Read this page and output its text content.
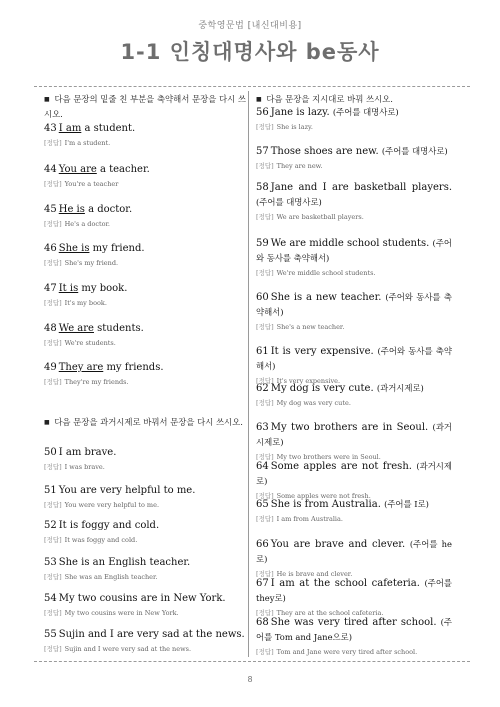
중학영문법 [내신대비용]
1-1 인칭대명사와 be동사
■ 다음 문장의 밑줄 친 부분을 축약해서 문장을 다시 쓰시오.
43 I am a student.
[정답] I'm a student.
44 You are a teacher.
[정답] You're a teacher
45 He is a doctor.
[정답] He's a doctor.
46 She is my friend.
[정답] She's my friend.
47 It is my book.
[정답] It's my book.
48 We are students.
[정답] We're students.
49 They are my friends.
[정답] They're my friends.
■ 다음 문장을 과거시제로 바꿔서 문장을 다시 쓰시오.
50 I am brave.
[정답] I was brave.
51 You are very helpful to me.
[정답] You were very helpful to me.
52 It is foggy and cold.
[정답] It was foggy and cold.
53 She is an English teacher.
[정답] She was an English teacher.
54 My two cousins are in New York.
[정답] My two cousins were in New York.
55 Sujin and I are very sad at the news.
[정답] Sujin and I were very sad at the news.
■ 다음 문장을 지시대로 바꿔 쓰시오.
56 Jane is lazy. (주어를 대명사로)
[정답] She is lazy.
57 Those shoes are new. (주어를 대명사로)
[정답] They are new.
58 Jane and I are basketball players. (주어를 대명사로)
[정답] We are basketball players.
59 We are middle school students. (주어와 동사를 축약해서)
[정답] We're middle school students.
60 She is a new teacher. (주어와 동사를 축약해서)
[정답] She's a new teacher.
61 It is very expensive. (주어와 동사를 축약해서)
[정답] It's very expensive.
62 My dog is very cute. (과거시제로)
[정답] My dog was very cute.
63 My two brothers are in Seoul. (과거시제로)
[정답] My two brothers were in Seoul.
64 Some apples are not fresh. (과거시제로)
[정답] Some apples were not fresh.
65 She is from Australia. (주어를 I로)
[정답] I am from Australia.
66 You are brave and clever. (주어를 he로)
[정답] He is brave and clever.
67 I am at the school cafeteria. (주어를 they로)
[정답] They are at the school cafeteria.
68 She was very tired after school. (주어를 Tom and Jane으로)
[정답] Tom and Jane were very tired after school.
8
